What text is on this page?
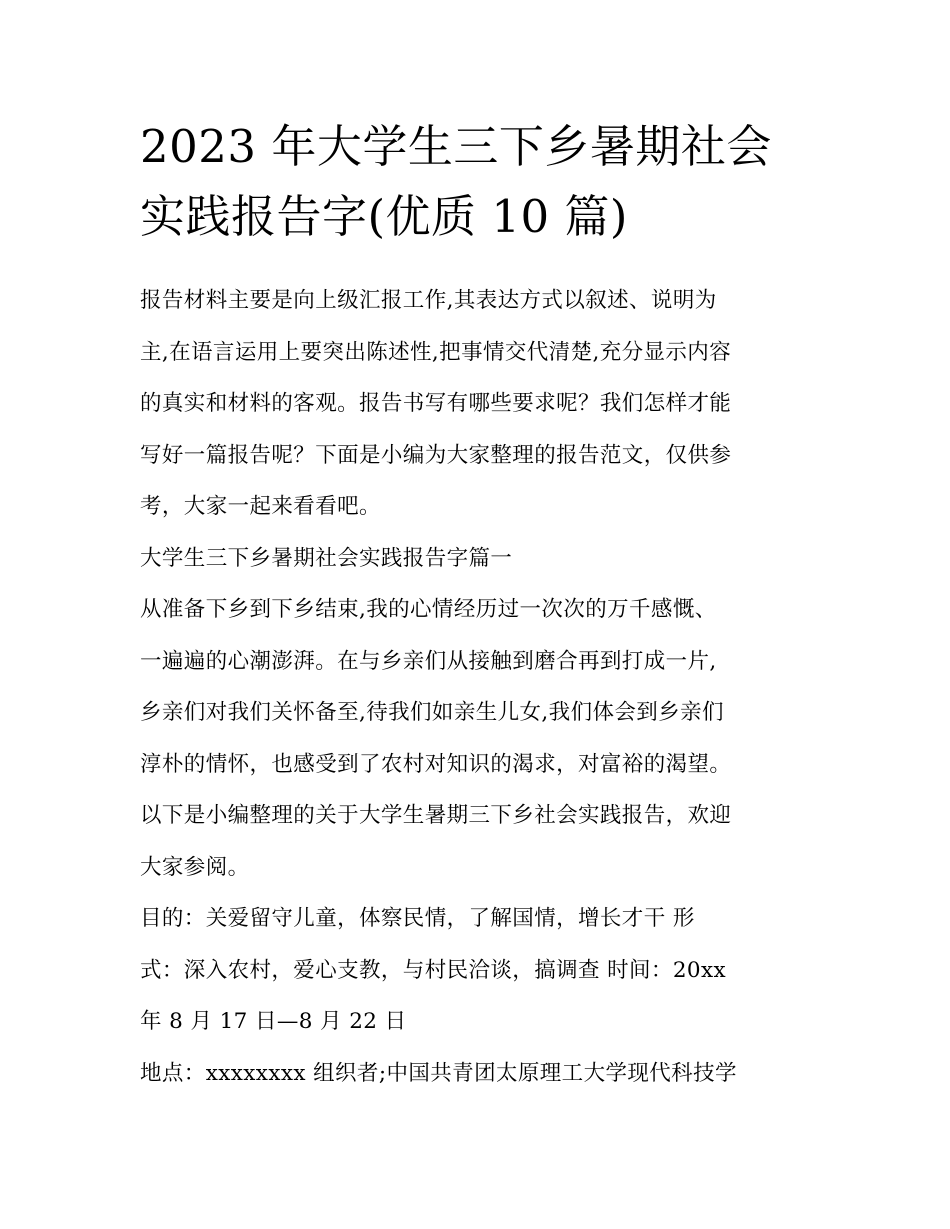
2023 年大学生三下乡暑期社会
实践报告字(优质 10 篇)
报告材料主要是向上级汇报工作,其表达方式以叙述、说明为
主,在语言运用上要突出陈述性,把事情交代清楚,充分显示内容
的真实和材料的客观。报告书写有哪些要求呢？我们怎样才能
写好一篇报告呢？下面是小编为大家整理的报告范文，仅供参
考，大家一起来看看吧。
大学生三下乡暑期社会实践报告字篇一
从准备下乡到下乡结束,我的心情经历过一次次的万千感慨、
一遍遍的心潮澎湃。在与乡亲们从接触到磨合再到打成一片,
乡亲们对我们关怀备至,待我们如亲生儿女,我们体会到乡亲们
淳朴的情怀，也感受到了农村对知识的渴求，对富裕的渴望。
以下是小编整理的关于大学生暑期三下乡社会实践报告，欢迎
大家参阅。
目的：关爱留守儿童，体察民情，了解国情，增长才干 形
式：深入农村，爱心支教，与村民洽谈，搞调查 时间：20xx
年 8 月 17 日—8 月 22 日
地点：xxxxxxxx 组织者;中国共青团太原理工大学现代科技学
